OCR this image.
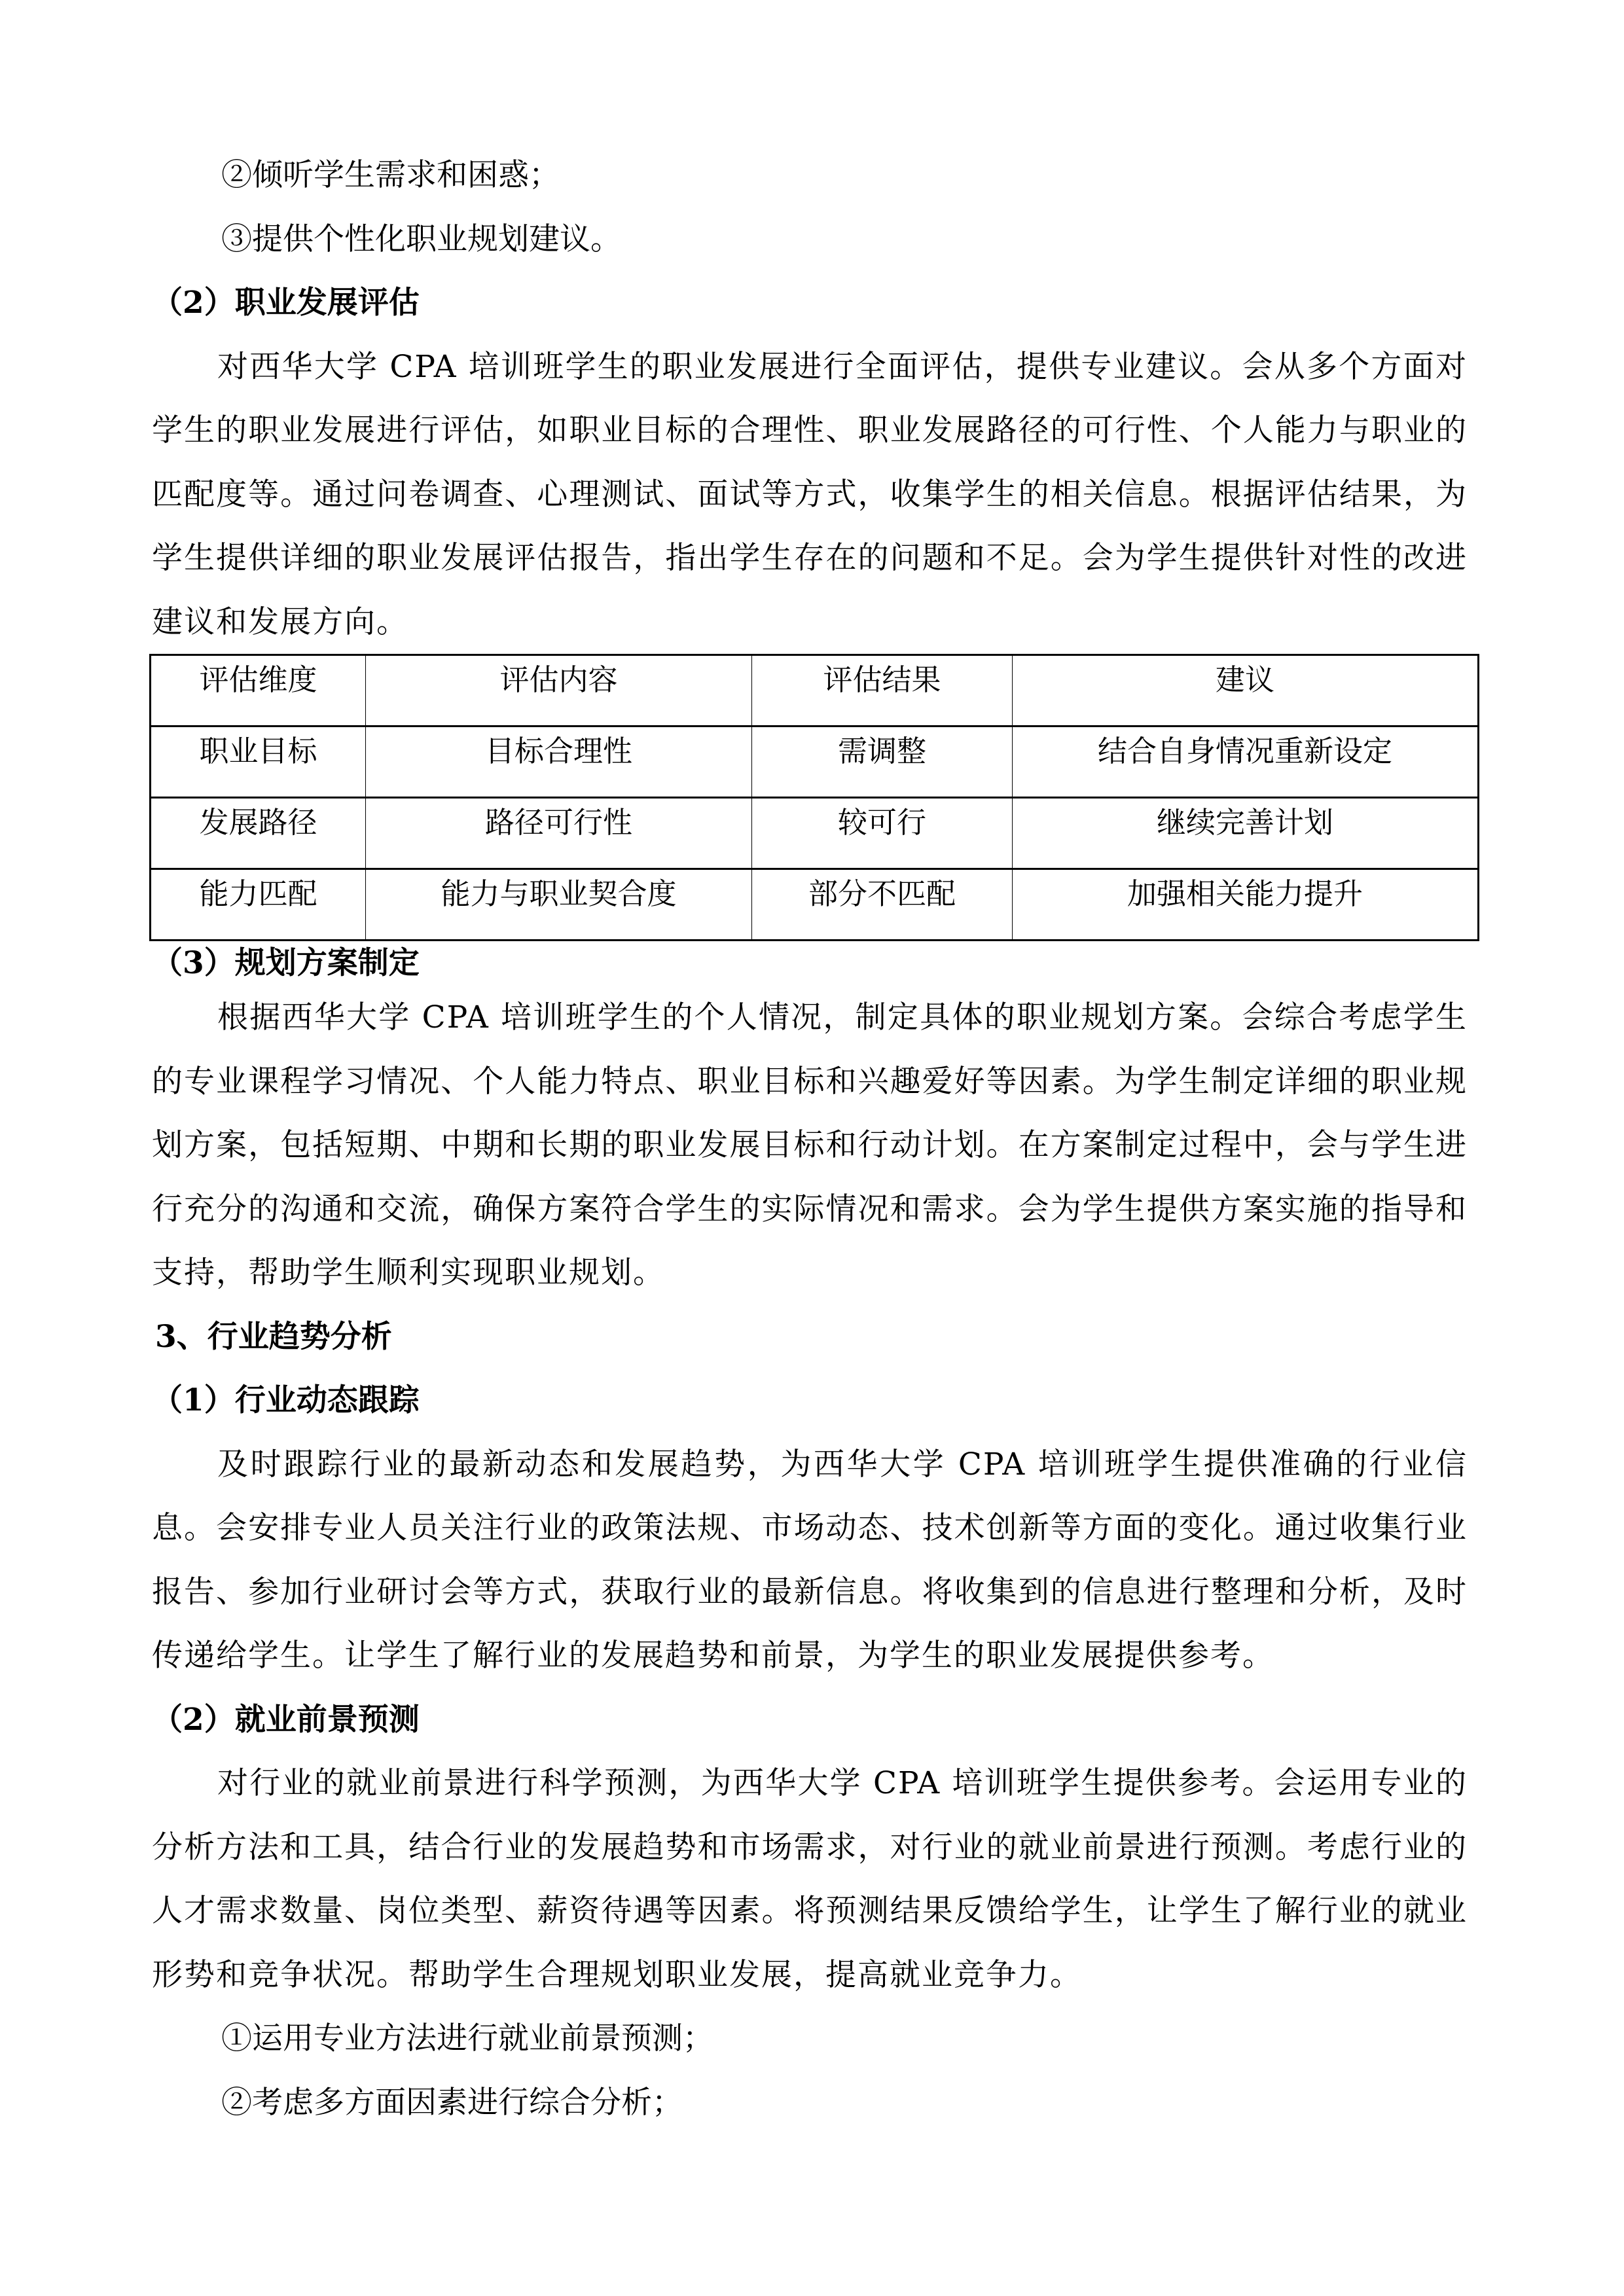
②倾听学生需求和困惑；

③提供个性化职业规划建议。

（2）职业发展评估

对西华大学 CPA 培训班学生的职业发展进行全面评估，提供专业建议。会从多个方面对学生的职业发展进行评估，如职业目标的合理性、职业发展路径的可行性、个人能力与职业的匹配度等。通过问卷调查、心理测试、面试等方式，收集学生的相关信息。根据评估结果，为学生提供详细的职业发展评估报告，指出学生存在的问题和不足。会为学生提供针对性的改进建议和发展方向。

评估维度	评估内容	评估结果	建议
职业目标	目标合理性	需调整	结合自身情况重新设定
发展路径	路径可行性	较可行	继续完善计划
能力匹配	能力与职业契合度	部分不匹配	加强相关能力提升

（3）规划方案制定

根据西华大学 CPA 培训班学生的个人情况，制定具体的职业规划方案。会综合考虑学生的专业课程学习情况、个人能力特点、职业目标和兴趣爱好等因素。为学生制定详细的职业规划方案，包括短期、中期和长期的职业发展目标和行动计划。在方案制定过程中，会与学生进行充分的沟通和交流，确保方案符合学生的实际情况和需求。会为学生提供方案实施的指导和支持，帮助学生顺利实现职业规划。

3、行业趋势分析

（1）行业动态跟踪

及时跟踪行业的最新动态和发展趋势，为西华大学 CPA 培训班学生提供准确的行业信息。会安排专业人员关注行业的政策法规、市场动态、技术创新等方面的变化。通过收集行业报告、参加行业研讨会等方式，获取行业的最新信息。将收集到的信息进行整理和分析，及时传递给学生。让学生了解行业的发展趋势和前景，为学生的职业发展提供参考。

（2）就业前景预测

对行业的就业前景进行科学预测，为西华大学 CPA 培训班学生提供参考。会运用专业的分析方法和工具，结合行业的发展趋势和市场需求，对行业的就业前景进行预测。考虑行业的人才需求数量、岗位类型、薪资待遇等因素。将预测结果反馈给学生，让学生了解行业的就业形势和竞争状况。帮助学生合理规划职业发展，提高就业竞争力。

①运用专业方法进行就业前景预测；

②考虑多方面因素进行综合分析；
